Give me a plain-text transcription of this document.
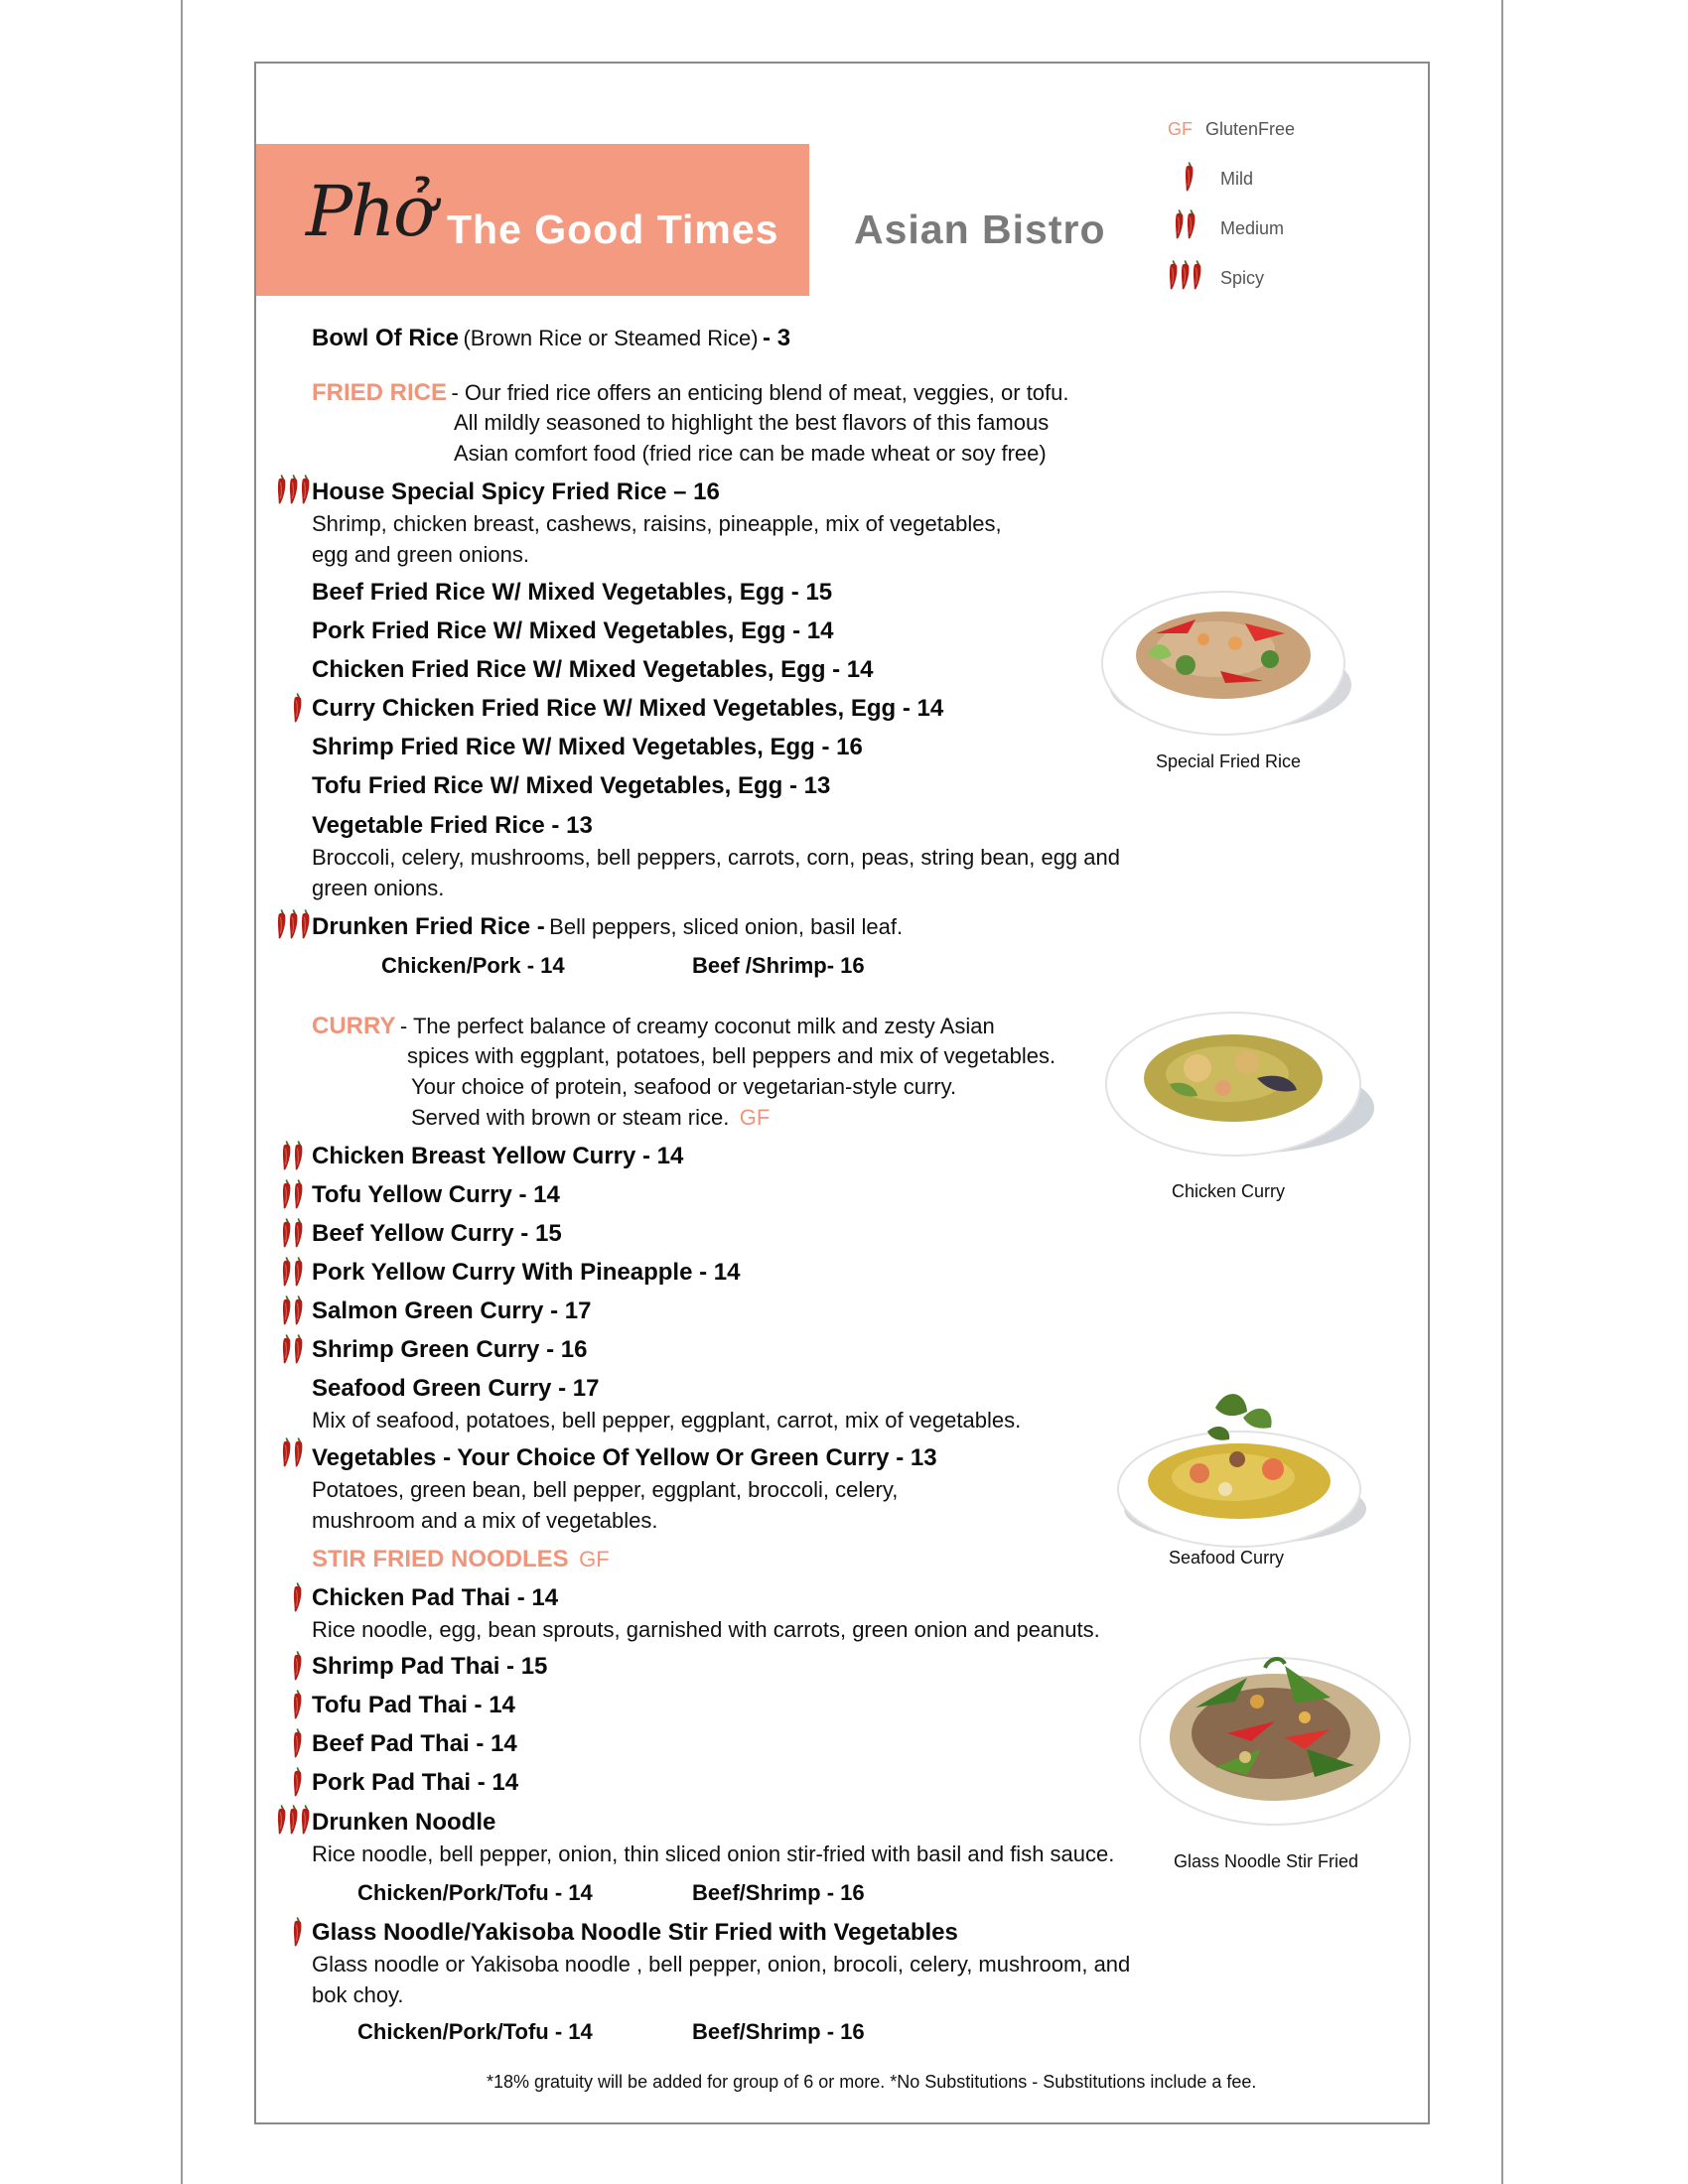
Phở The Good Times Asian Bistro
GF GlutenFree
Mild
Medium
Spicy
Bowl Of Rice (Brown Rice or Steamed Rice) - 3
FRIED RICE - Our fried rice offers an enticing blend of meat, veggies, or tofu.
All mildly seasoned to highlight the best flavors of this famous
Asian comfort food (fried rice can be made wheat or soy free)
House Special Spicy Fried Rice – 16
Shrimp, chicken breast, cashews, raisins, pineapple, mix of vegetables,
egg and green onions.
Beef Fried Rice W/ Mixed Vegetables, Egg - 15
Pork Fried Rice W/ Mixed Vegetables, Egg - 14
Chicken Fried Rice W/ Mixed Vegetables, Egg - 14
Curry Chicken Fried Rice W/ Mixed Vegetables, Egg - 14
Shrimp Fried Rice W/ Mixed Vegetables, Egg - 16
Tofu Fried Rice W/ Mixed Vegetables, Egg - 13
Vegetable Fried Rice - 13
Broccoli, celery, mushrooms, bell peppers, carrots, corn, peas, string bean, egg and
green onions.
Drunken Fried Rice - Bell peppers, sliced onion, basil leaf.
Chicken/Pork - 14	Beef /Shrimp- 16
CURRY - The perfect balance of creamy coconut milk and zesty Asian
spices with eggplant, potatoes, bell peppers and mix of vegetables.
Your choice of protein, seafood or vegetarian-style curry.
Served with brown or steam rice. GF
Chicken Breast Yellow Curry - 14
Tofu Yellow Curry - 14
Beef Yellow Curry - 15
Pork Yellow Curry With Pineapple - 14
Salmon Green Curry - 17
Shrimp Green Curry - 16
Seafood Green Curry - 17
Mix of seafood, potatoes, bell pepper, eggplant, carrot, mix of vegetables.
Vegetables - Your Choice Of Yellow Or Green Curry - 13
Potatoes, green bean, bell pepper, eggplant, broccoli, celery,
mushroom and a mix of vegetables.
STIR FRIED NOODLES GF
Chicken Pad Thai - 14
Rice noodle, egg, bean sprouts, garnished with carrots, green onion and peanuts.
Shrimp Pad Thai - 15
Tofu Pad Thai - 14
Beef Pad Thai - 14
Pork Pad Thai - 14
Drunken Noodle
Rice noodle, bell pepper, onion, thin sliced onion stir-fried with basil and fish sauce.
Chicken/Pork/Tofu - 14	Beef/Shrimp - 16
Glass Noodle/Yakisoba Noodle Stir Fried with Vegetables
Glass noodle or Yakisoba noodle , bell pepper, onion, brocoli, celery, mushroom, and
bok choy.
Chicken/Pork/Tofu - 14	Beef/Shrimp - 16
Special Fried Rice
Chicken Curry
Seafood Curry
Glass Noodle Stir Fried
*18% gratuity will be added for group of 6 or more. *No Substitutions - Substitutions include a fee.
